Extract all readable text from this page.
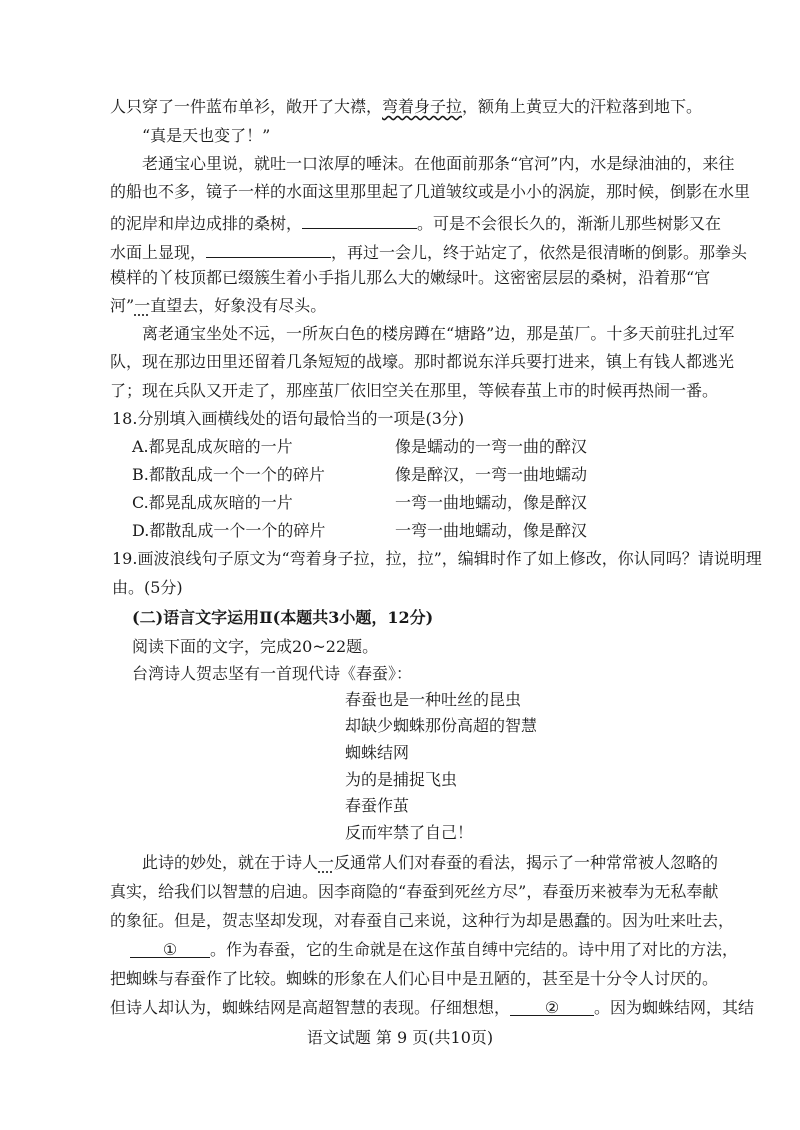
人只穿了一件蓝布单衫，敞开了大襟，弯着身子拉，额角上黄豆大的汗粒落到地下。
“真是天也变了！”
老通宝心里说，就吐一口浓厚的唾沫。在他面前那条“官河”内，水是绿油油的，来往
的船也不多，镜子一样的水面这里那里起了几道皱纹或是小小的涡旋，那时候，倒影在水里
的泥岸和岸边成排的桑树，	。可是不会很长久的，渐渐儿那些树影又在
水面上显现，	，再过一会儿，终于站定了，依然是很清晰的倒影。那拳头
模样的丫枝顶都已缀簇生着小手指儿那么大的嫩绿叶。这密密层层的桑树，沿着那“官
河”一直望去，好象没有尽头。
离老通宝坐处不远，一所灰白色的楼房蹲在“塘路”边，那是茧厂。十多天前驻扎过军
队，现在那边田里还留着几条短短的战壕。那时都说东洋兵要打进来，镇上有钱人都逃光
了；现在兵队又开走了，那座茧厂依旧空关在那里，等候春茧上市的时候再热闹一番。
18.分别填入画横线处的语句最恰当的一项是(3分)
A.都晃乱成灰暗的一片	像是蠕动的一弯一曲的醉汉
B.都散乱成一个一个的碎片	像是醉汉，一弯一曲地蠕动
C.都晃乱成灰暗的一片	一弯一曲地蠕动，像是醉汉
D.都散乱成一个一个的碎片	一弯一曲地蠕动，像是醉汉
19.画波浪线句子原文为“弯着身子拉，拉，拉”，编辑时作了如上修改，你认同吗？请说明理
由。(5分)
(二)语言文字运用Ⅱ(本题共3小题，12分)
阅读下面的文字，完成20~22题。
台湾诗人贺志坚有一首现代诗《春蚕》：
春蚕也是一种吐丝的昆虫
却缺少蜘蛛那份高超的智慧
蜘蛛结网
为的是捕捉飞虫
春蚕作茧
反而牢禁了自己！
此诗的妙处，就在于诗人一反通常人们对春蚕的看法，揭示了一种常常被人忽略的
真实，给我们以智慧的启迪。因李商隐的“春蚕到死丝方尽”，春蚕历来被奉为无私奉献
的象征。但是，贺志坚却发现，对春蚕自己来说，这种行为却是愚蠢的。因为吐来吐去，
① 。作为春蚕，它的生命就是在这作茧自缚中完结的。诗中用了对比的方法，
把蜘蛛与春蚕作了比较。蜘蛛的形象在人们心目中是丑陋的，甚至是十分令人讨厌的。
但诗人却认为，蜘蛛结网是高超智慧的表现。仔细想想， ② 。因为蜘蛛结网，其结
语文试题 第 9 页(共10页)
